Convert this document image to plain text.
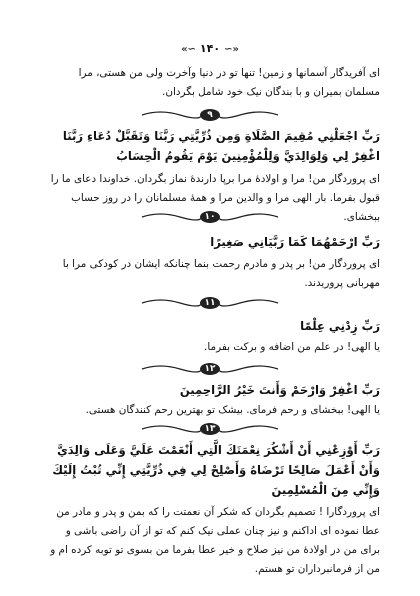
«∽ ۱۴۰ ∽»
ای آفریدگار آسمانها و زمین! تنها تو در دنیا وآخرت ولی من هستی، مرا مسلمان بمیران و با بندگان نیک خود شامل بگردان.
۹
رَبِّ اجْعَلْنِي مُقِيمَ الصَّلَاةِ وَمِن ذُرِّيَّتِي رَبَّنَا وَتَقَبَّلْ دُعَاءِ رَبَّنَا اغْفِرْ لِي وَلِوَالِدَيَّ وَلِلْمُؤْمِنِينَ يَوْمَ يَقُومُ الْحِسَابُ
ای پروردگار من! مرا و اولادۀ مرا برپا دارندۀ نماز بگردان. خداوندا دعای ما را قبول بفرما. بار الهی مرا و والدین مرا و همۀ مسلمانان را در روز حساب ببخشای.
۱۰
رَبِّ ارْحَمْهُمَا كَمَا رَبَّيَانِي صَغِيرًا
ای پروردگار من! بر پدر و مادرم رحمت بنما چنانکه ایشان در کودکی مرا با مهربانی پروریدند.
۱۱
رَبِّ زِدْنِي عِلْمًا
یا الهی! در علم من اضافه و برکت بفرما.
۱۲
رَبِّ اغْفِرْ وَارْحَمْ وَأَنتَ خَيْرُ الرَّاحِمِينَ
یا الهی! ببخشای و رحم فرمای. بیشک تو بهترین رحم کنندگان هستی.
۱۳
رَبِّ أَوْزِعْنِي أَنْ أَشْكُرَ نِعْمَتَكَ الَّتِي أَنْعَمْتَ عَلَيَّ وَعَلَى وَالِدَيَّ وَأَنْ أَعْمَلَ صَالِحًا تَرْضَاهُ وَأَصْلِحْ لِي فِي ذُرِّيَّتِي إِنِّي تُبْتُ إِلَيْكَ وَإِنِّي مِنَ الْمُسْلِمِينَ
ای پروردگارا ! تصمیم بگردان که شکر آن نعمتت را که بمن و پدر و مادر من عطا نموده ای اداکنم و نیز چنان عملی نیک کنم که تو از آن راضی باشی و برای من در اولادۀ من نیز صلاح و خیر عطا بفرما من بسوی تو توبه کرده ام و من از فرمانبرداران تو هستم.
